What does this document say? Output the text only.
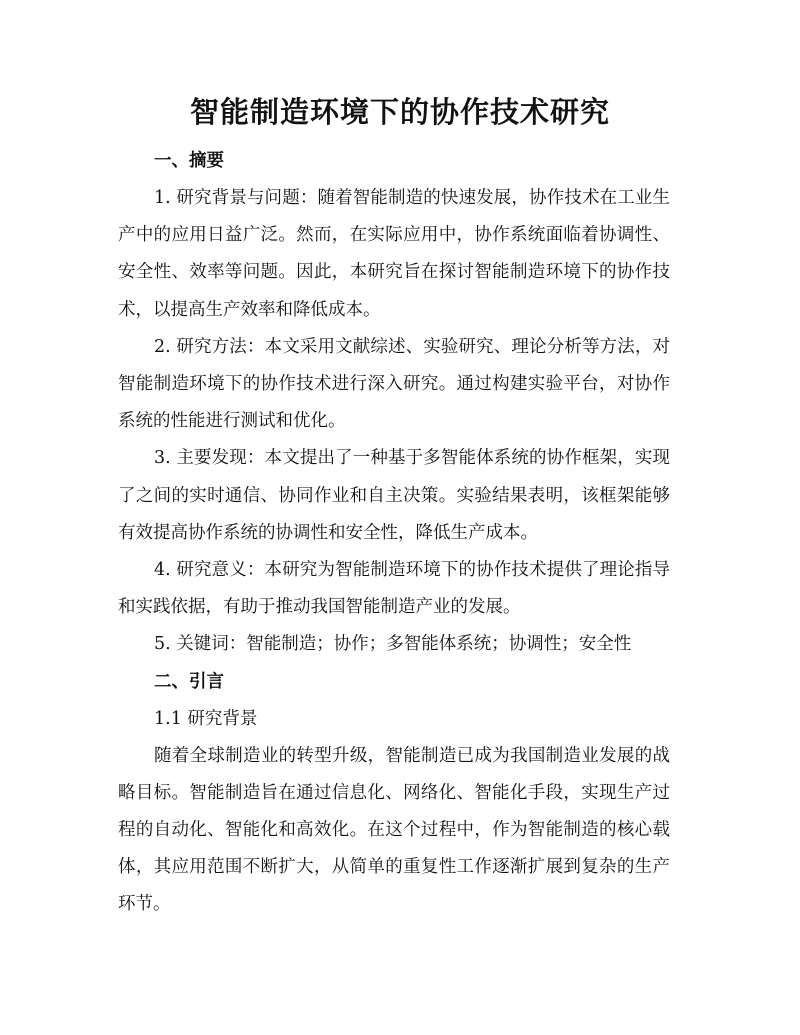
智能制造环境下的协作技术研究
一、摘要

1. 研究背景与问题：随着智能制造的快速发展，协作技术在工业生产中的应用日益广泛。然而，在实际应用中，协作系统面临着协调性、安全性、效率等问题。因此，本研究旨在探讨智能制造环境下的协作技术，以提高生产效率和降低成本。

2. 研究方法：本文采用文献综述、实验研究、理论分析等方法，对智能制造环境下的协作技术进行深入研究。通过构建实验平台，对协作系统的性能进行测试和优化。

3. 主要发现：本文提出了一种基于多智能体系统的协作框架，实现了之间的实时通信、协同作业和自主决策。实验结果表明，该框架能够有效提高协作系统的协调性和安全性，降低生产成本。

4. 研究意义：本研究为智能制造环境下的协作技术提供了理论指导和实践依据，有助于推动我国智能制造产业的发展。

5. 关键词：智能制造；协作；多智能体系统；协调性；安全性

二、引言
1.1 研究背景

随着全球制造业的转型升级，智能制造已成为我国制造业发展的战略目标。智能制造旨在通过信息化、网络化、智能化手段，实现生产过程的自动化、智能化和高效化。在这个过程中，作为智能制造的核心载体，其应用范围不断扩大，从简单的重复性工作逐渐扩展到复杂的生产环节。
